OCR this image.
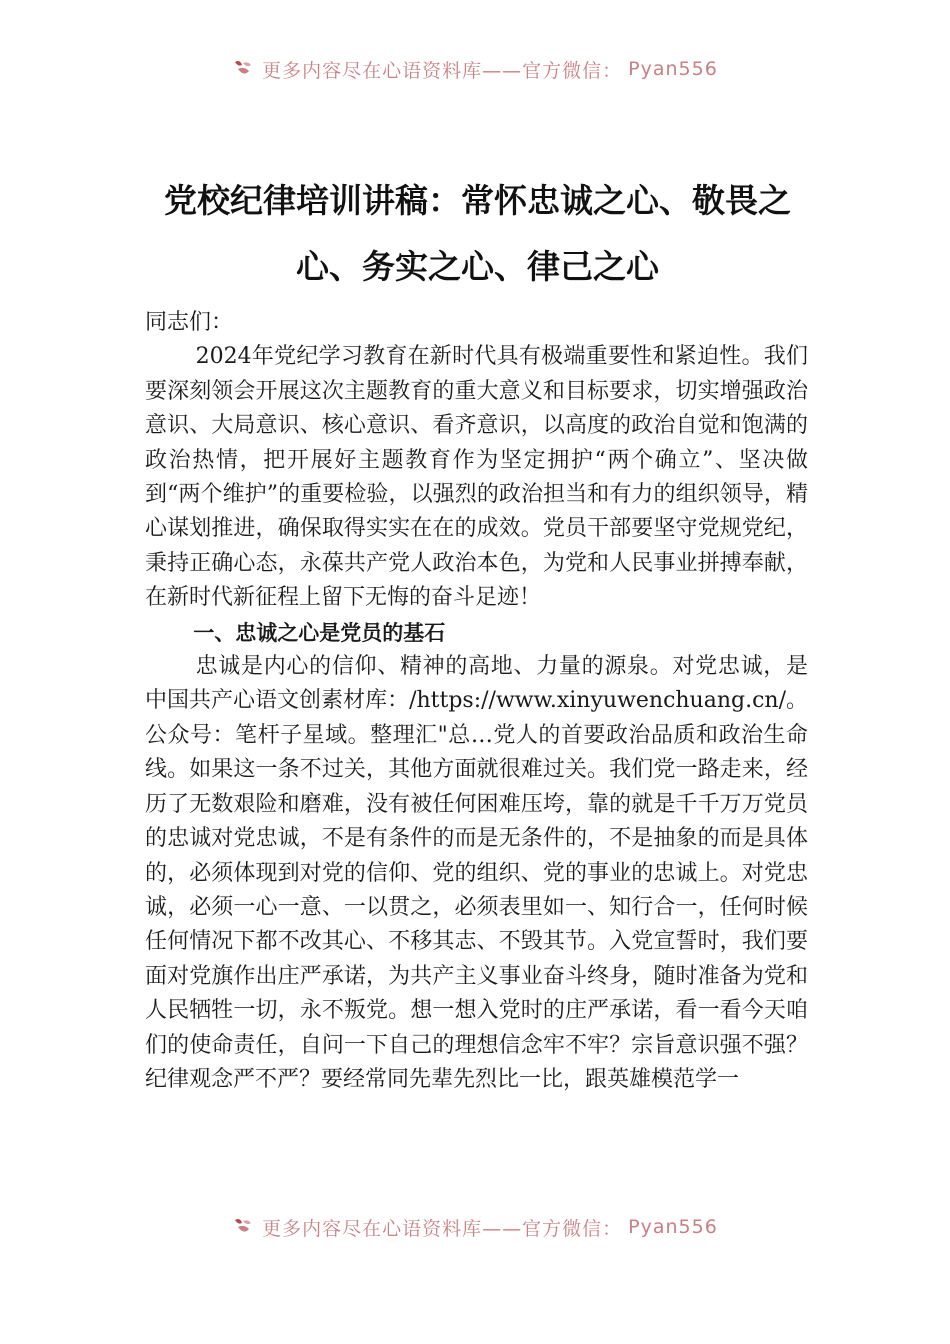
更多内容尽在心语资料库——官方微信： Pyan556
党校纪律培训讲稿：常怀忠诚之心、敬畏之心、务实之心、律己之心

同志们：

2024年党纪学习教育在新时代具有极端重要性和紧迫性。我们要深刻领会开展这次主题教育的重大意义和目标要求，切实增强政治意识、大局意识、核心意识、看齐意识，以高度的政治自觉和饱满的政治热情，把开展好主题教育作为坚定拥护“两个确立”、坚决做到“两个维护”的重要检验，以强烈的政治担当和有力的组织领导，精心谋划推进，确保取得实实在在的成效。党员干部要坚守党规党纪，秉持正确心态，永葆共产党人政治本色，为党和人民事业拼搏奉献，在新时代新征程上留下无悔的奋斗足迹！

一、忠诚之心是党员的基石

忠诚是内心的信仰、精神的高地、力量的源泉。对党忠诚，是中国共产心语文创素材库：/https://www.xinyuwenchuang.cn/。公众号：笔杆子星域。整理汇"总…党人的首要政治品质和政治生命线。如果这一条不过关，其他方面就很难过关。我们党一路走来，经历了无数艰险和磨难，没有被任何困难压垮，靠的就是千千万万党员的忠诚对党忠诚，不是有条件的而是无条件的，不是抽象的而是具体的，必须体现到对党的信仰、党的组织、党的事业的忠诚上。对党忠诚，必须一心一意、一以贯之，必须表里如一、知行合一，任何时候任何情况下都不改其心、不移其志、不毁其节。入党宣誓时，我们要面对党旗作出庄严承诺，为共产主义事业奋斗终身，随时准备为党和人民牺牲一切，永不叛党。想一想入党时的庄严承诺，看一看今天咱们的使命责任，自问一下自己的理想信念牢不牢？宗旨意识强不强？纪律观念严不严？要经常同先辈先烈比一比，跟英雄模范学一

更多内容尽在心语资料库——官方微信： Pyan556
